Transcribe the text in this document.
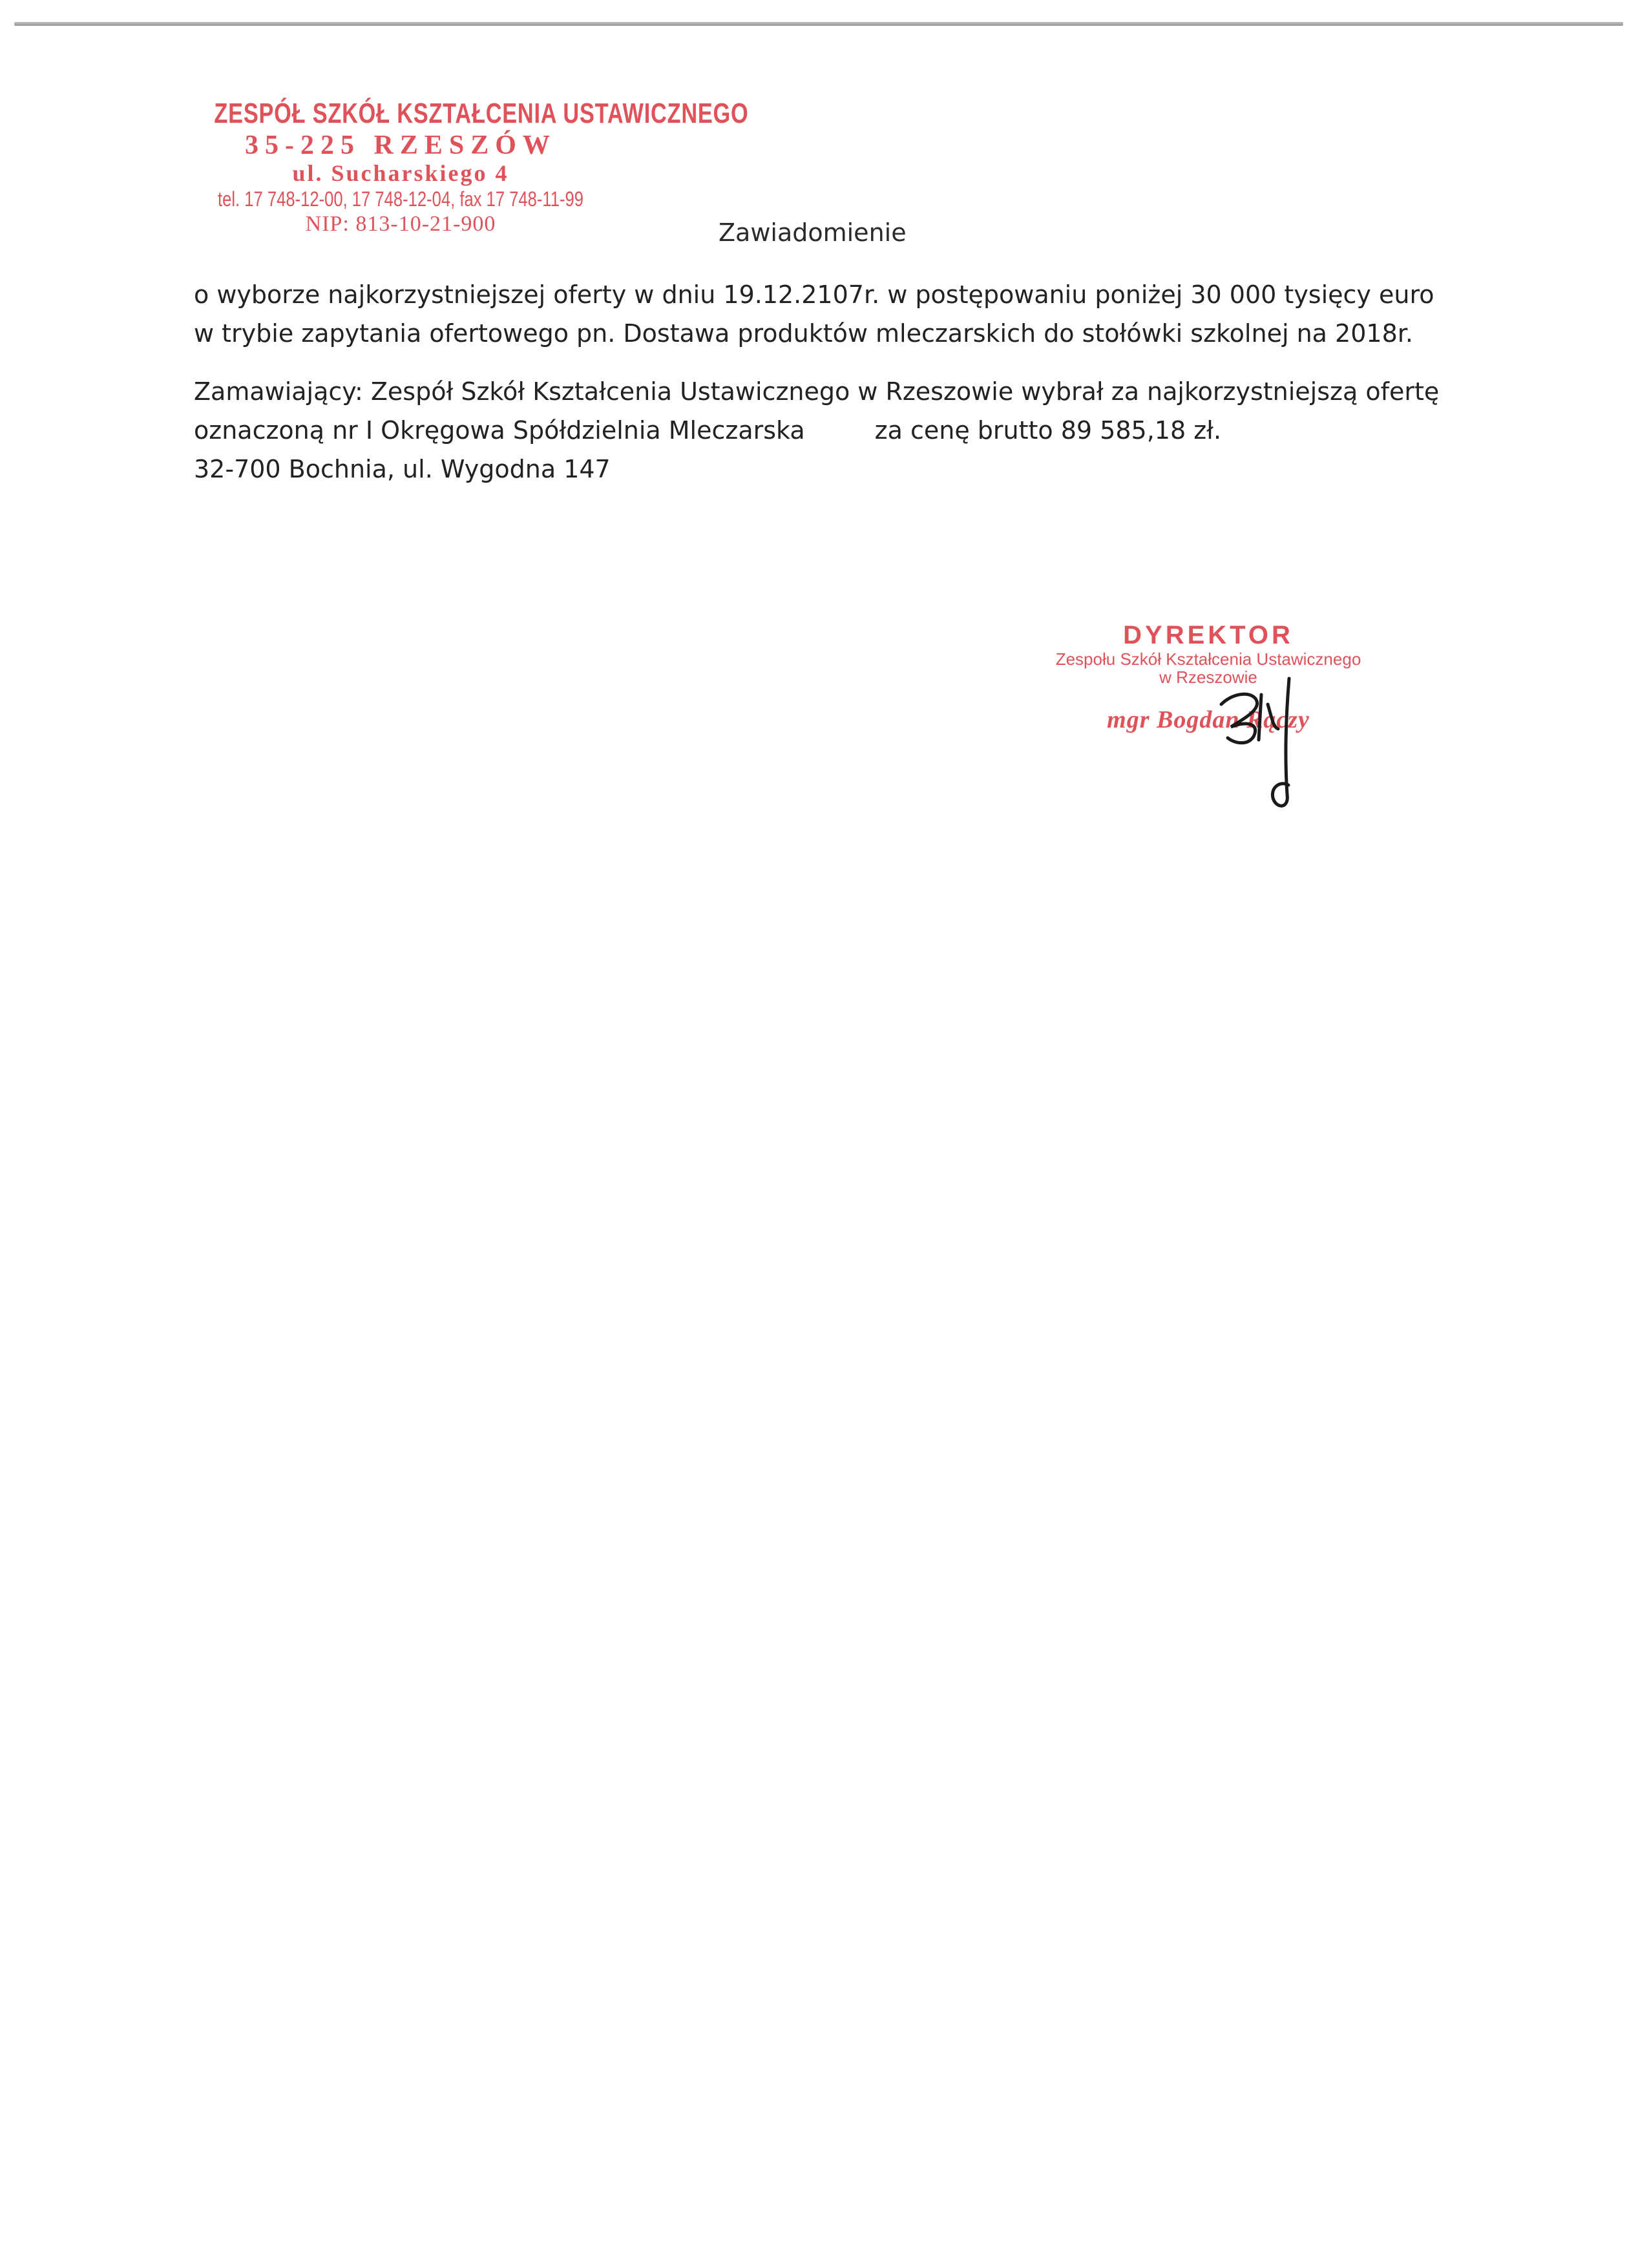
ZESPÓŁ SZKÓŁ KSZTAŁCENIA USTAWICZNEGO
35-225 RZESZÓW
ul. Sucharskiego 4
tel. 17 748-12-00, 17 748-12-04, fax 17 748-11-99
NIP: 813-10-21-900	Zawiadomienie
o wyborze najkorzystniejszej oferty w dniu 19.12.2107r. w postępowaniu poniżej 30 000 tysięcy euro
w trybie zapytania ofertowego pn. Dostawa produktów mleczarskich do stołówki szkolnej na 2018r.
Zamawiający: Zespół Szkół Kształcenia Ustawicznego w Rzeszowie wybrał za najkorzystniejszą ofertę
oznaczoną nr I Okręgowa Spółdzielnia Mleczarska	za cenę brutto 89 585,18 zł.
32-700 Bochnia, ul. Wygodna 147
DYREKTOR
Zespołu Szkół Kształcenia Ustawicznego
w Rzeszowie
mgr Bogdan Rączy
